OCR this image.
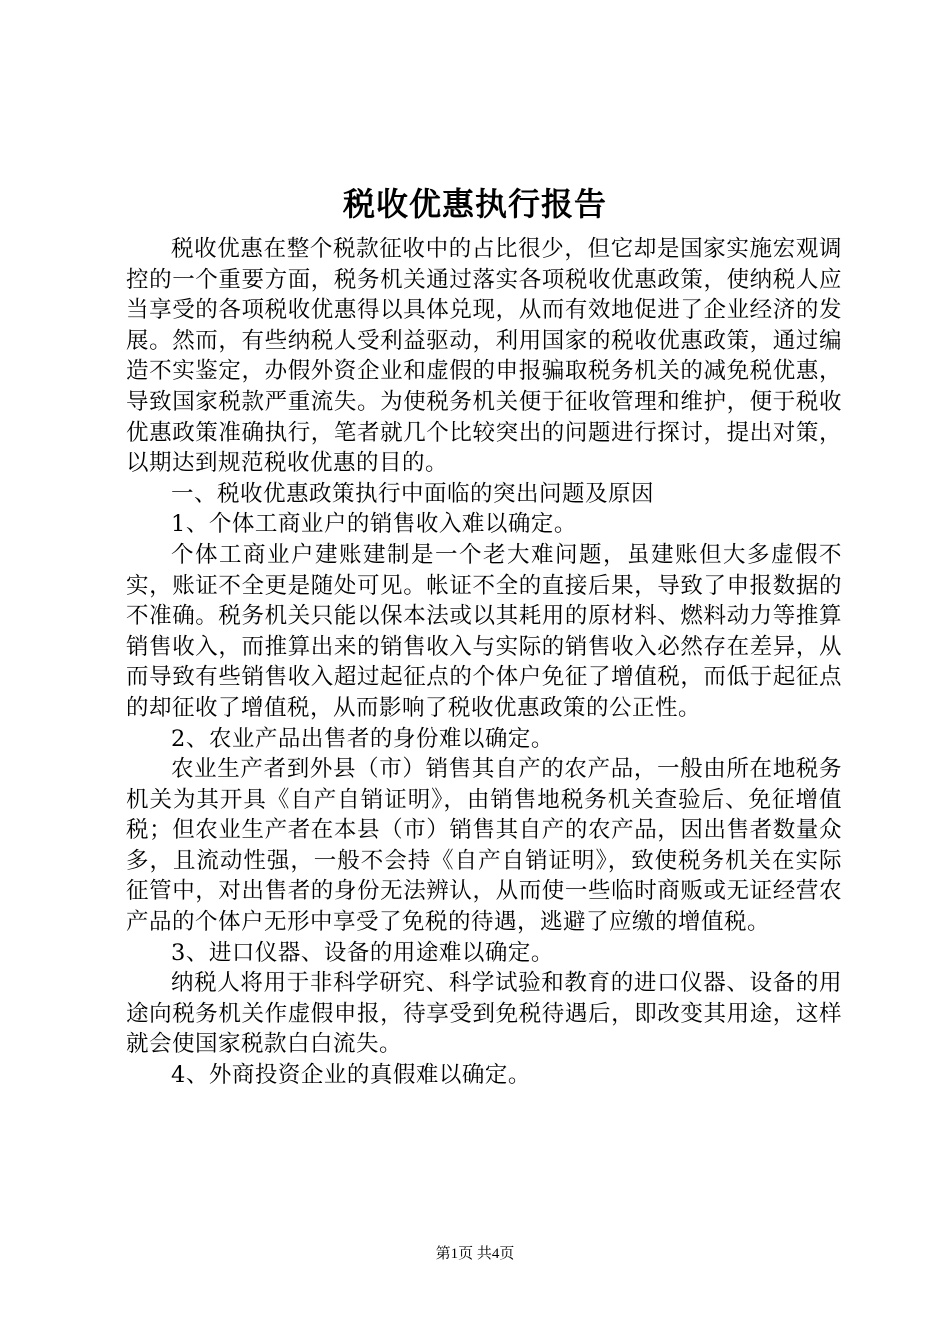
税收优惠执行报告

税收优惠在整个税款征收中的占比很少，但它却是国家实施宏观调控的一个重要方面，税务机关通过落实各项税收优惠政策，使纳税人应当享受的各项税收优惠得以具体兑现，从而有效地促进了企业经济的发展。然而，有些纳税人受利益驱动，利用国家的税收优惠政策，通过编造不实鉴定，办假外资企业和虚假的申报骗取税务机关的减免税优惠，导致国家税款严重流失。为使税务机关便于征收管理和维护，便于税收优惠政策准确执行，笔者就几个比较突出的问题进行探讨，提出对策，以期达到规范税收优惠的目的。

一、税收优惠政策执行中面临的突出问题及原因

1、个体工商业户的销售收入难以确定。

个体工商业户建账建制是一个老大难问题，虽建账但大多虚假不实，账证不全更是随处可见。帐证不全的直接后果，导致了申报数据的不准确。税务机关只能以保本法或以其耗用的原材料、燃料动力等推算销售收入，而推算出来的销售收入与实际的销售收入必然存在差异，从而导致有些销售收入超过起征点的个体户免征了增值税，而低于起征点的却征收了增值税，从而影响了税收优惠政策的公正性。

2、农业产品出售者的身份难以确定。

农业生产者到外县（市）销售其自产的农产品，一般由所在地税务机关为其开具《自产自销证明》，由销售地税务机关查验后、免征增值税；但农业生产者在本县（市）销售其自产的农产品，因出售者数量众多，且流动性强，一般不会持《自产自销证明》，致使税务机关在实际征管中，对出售者的身份无法辨认，从而使一些临时商贩或无证经营农产品的个体户无形中享受了免税的待遇，逃避了应缴的增值税。

3、进口仪器、设备的用途难以确定。

纳税人将用于非科学研究、科学试验和教育的进口仪器、设备的用途向税务机关作虚假申报，待享受到免税待遇后，即改变其用途，这样就会使国家税款白白流失。

4、外商投资企业的真假难以确定。

第1页 共4页
